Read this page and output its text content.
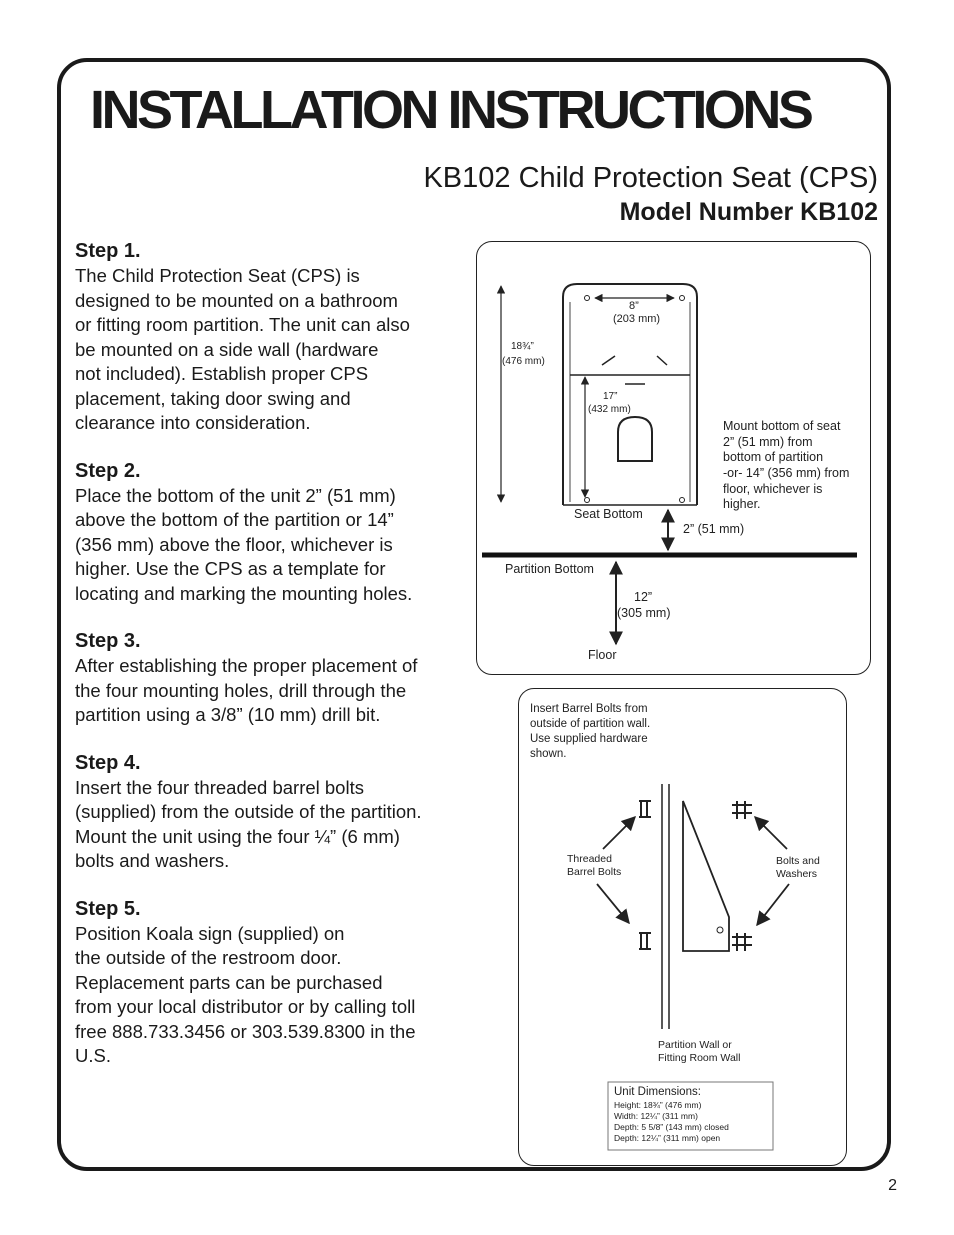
INSTALLATION INSTRUCTIONS
KB102 Child Protection Seat (CPS)
Model Number KB102
Step 1.

The Child Protection Seat (CPS) is
designed to be mounted on a bathroom
or fitting room partition. The unit can also
be mounted on a side wall (hardware
not included). Establish proper CPS
placement, taking door swing and
clearance into consideration.

Step 2.

Place the bottom of the unit 2” (51 mm)
above the bottom of the partition or 14”
(356 mm) above the floor, whichever is
higher. Use the CPS as a template for
locating and marking the mounting holes.

Step 3.

After establishing the proper placement of
the four mounting holes, drill through the
partition using a 3/8” (10 mm) drill bit.

Step 4.

Insert the four threaded barrel bolts
(supplied) from the outside of the partition.
Mount the unit using the four ¼” (6 mm)
bolts and washers.

Step 5.

Position Koala sign (supplied) on
the outside of the restroom door.
Replacement parts can be purchased
from your local distributor or by calling toll
free 888.733.3456 or 303.539.8300 in the
U.S.

8”
(203 mm)
18¾”
(476 mm)
17”
(432 mm)
Mount bottom of seat
2” (51 mm) from
bottom of partition
-or- 14” (356 mm) from
floor, whichever is
higher.
Seat Bottom
2” (51 mm)
Partition Bottom
12”
(305 mm)
Floor
Insert Barrel Bolts from
outside of partition wall.
Use supplied hardware
shown.
Threaded
Barrel Bolts
Bolts and
Washers
Partition Wall or
Fitting Room Wall
Unit Dimensions:
Height: 18¾” (476 mm)
Width: 12¼” (311 mm)
Depth: 5 5/8” (143 mm) closed
Depth: 12¼” (311 mm) open
2
